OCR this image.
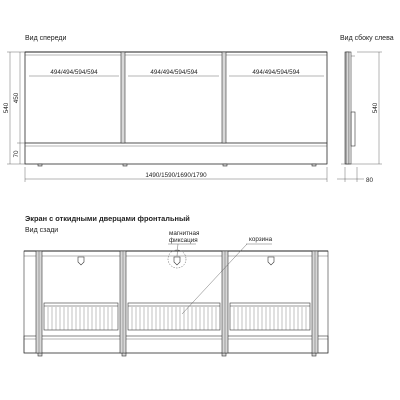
Вид спереди
494/494/594/594	494/494/594/594	494/494/594/594
540
450
70
1490/1590/1690/1790
Вид сбоку слева
540
80
Экран с откидными дверцами фронтальный
Вид сзади	магнитная
фиксация	корзина
